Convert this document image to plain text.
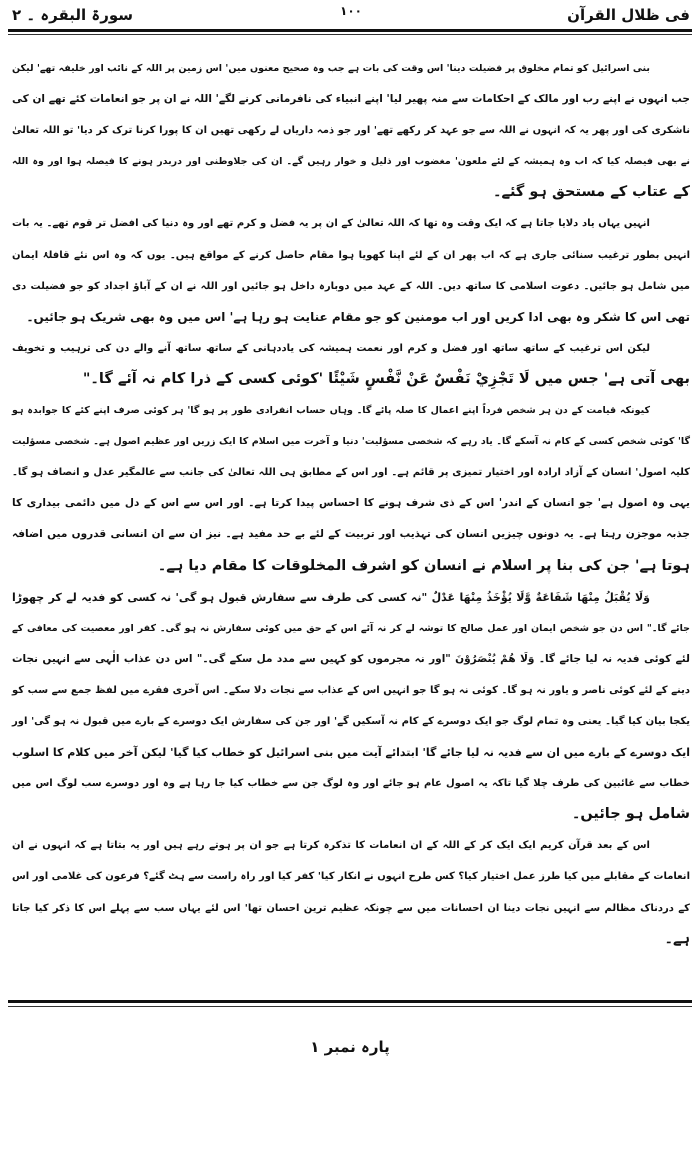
فی ظلال القرآن
۱۰۰
سورۃ البقرہ ۔ ۲
بنی اسرائیل کو تمام مخلوق پر فضیلت دینا' اس وقت کی بات ہے جب وہ صحیح معنوں میں' اس زمین پر اللہ کے نائب اور خلیفہ تھے' لیکن
جب انہوں نے اپنے رب اور مالک کے احکامات سے منہ پھیر لیا' اپنے انبیاء کی نافرمانی کرنے لگے' اللہ نے ان پر جو انعامات کئے تھے ان کی
ناشکری کی اور پھر یہ کہ انہوں نے اللہ سے جو عہد کر رکھے تھے' اور جو ذمہ داریاں لے رکھی تھیں ان کا پورا کرنا ترک کر دیا' تو اللہ تعالیٰ
نے بھی فیصلہ کیا کہ اب وہ ہمیشہ کے لئے ملعون' مغضوب اور ذلیل و خوار رہیں گے۔ ان کی جلاوطنی اور دربدر ہونے کا فیصلہ ہوا اور وہ اللہ
کے عتاب کے مستحق ہو گئے۔
انہیں یہاں یاد دلایا جاتا ہے کہ ایک وقت وہ تھا کہ اللہ تعالیٰ کے ان پر یہ فضل و کرم تھے اور وہ دنیا کی افضل تر قوم تھے۔ یہ بات
انہیں بطور ترغیب سنائی جاری ہے کہ اب پھر ان کے لئے اپنا کھویا ہوا مقام حاصل کرنے کے مواقع ہیں۔ یوں کہ وہ اس نئے قافلۂ ایمان
میں شامل ہو جائیں۔ دعوت اسلامی کا ساتھ دیں۔ اللہ کے عہد میں دوبارہ داخل ہو جائیں اور اللہ نے ان کے آباؤ اجداد کو جو فضیلت دی
تھی اس کا شکر وہ بھی ادا کریں اور اب مومنین کو جو مقام عنایت ہو رہا ہے' اس میں وہ بھی شریک ہو جائیں۔
لیکن اس ترغیب کے ساتھ ساتھ اور فضل و کرم اور نعمت ہمیشہ کی یاددہانی کے ساتھ ساتھ آنے والے دن کی ترہیب و تخویف
بھی آتی ہے' جس میں لَا تَجْزِيْ نَفْسٌ عَنْ نَّفْسٍ شَيْئًا 'کوئی کسی کے ذرا کام نہ آئے گا۔"
کیونکہ قیامت کے دن ہر شخص فرداً اپنے اعمال کا صلہ پائے گا۔ وہاں حساب انفرادی طور پر ہو گا' ہر کوئی صرف اپنے کئے کا جوابدہ ہو
گا' کوئی شخص کسی کے کام نہ آسکے گا۔ یاد رہے کہ شخصی مسؤلیت' دنیا و آخرت میں اسلام کا ایک زریں اور عظیم اصول ہے۔ شخصی مسؤلیت
کلیہ اصول' انسان کے آزاد ارادہ اور اختیار تمیزی پر قائم ہے۔ اور اس کے مطابق ہی اللہ تعالیٰ کی جانب سے عالمگیر عدل و انصاف ہو گا۔
یہی وہ اصول ہے' جو انسان کے اندر' اس کے ذی شرف ہونے کا احساس پیدا کرتا ہے۔ اور اس سے اس کے دل میں دائمی بیداری کا
جذبہ موجزن رہتا ہے۔ یہ دونوں چیزیں انسان کی تہذیب اور تربیت کے لئے بے حد مفید ہے۔ نیز ان سے ان انسانی قدروں میں اضافہ
ہوتا ہے' جن کی بنا پر اسلام نے انسان کو اشرف المخلوقات کا مقام دیا ہے۔
وَلَا يُقْبَلُ مِنْهَا شَفَاعَةٌ وَّلَا يُؤْخَذُ مِنْهَا عَدْلٌ "نہ کسی کی طرف سے سفارش قبول ہو گی' نہ کسی کو فدیہ لے کر چھوڑا
جائے گا۔" اس دن جو شخص ایمان اور عمل صالح کا توشہ لے کر نہ آئے اس کے حق میں کوئی سفارش نہ ہو گی۔ کفر اور معصیت کی معافی کے
لئے کوئی فدیہ نہ لیا جائے گا۔ وَلَا هُمْ يُنْصَرُوْنَ "اور نہ مجرموں کو کہیں سے مدد مل سکے گی۔" اس دن عذاب الٰہی سے انہیں نجات
دینے کے لئے کوئی ناصر و یاور نہ ہو گا۔ کوئی نہ ہو گا جو انہیں اس کے عذاب سے نجات دلا سکے۔ اس آخری فقرے میں لفظ جمع سے سب کو
یکجا بیان کیا گیا۔ یعنی وہ تمام لوگ جو ایک دوسرے کے کام نہ آسکیں گے' اور جن کی سفارش ایک دوسرے کے بارے میں قبول نہ ہو گی' اور
ایک دوسرے کے بارے میں ان سے فدیہ نہ لیا جائے گا' ابتدائے آیت میں بنی اسرائیل کو خطاب کیا گیا' لیکن آخر میں کلام کا اسلوب
خطاب سے غائبین کی طرف چلا گیا تاکہ یہ اصول عام ہو جائے اور وہ لوگ جن سے خطاب کیا جا رہا ہے وہ اور دوسرے سب لوگ اس میں
شامل ہو جائیں۔
اس کے بعد قرآن کریم ایک ایک کر کے اللہ کے ان انعامات کا تذکرہ کرتا ہے جو ان پر ہوتے رہے ہیں اور یہ بتاتا ہے کہ انہوں نے ان
انعامات کے مقابلے میں کیا طرز عمل اختیار کیا؟ کس طرح انہوں نے انکار کیا' کفر کیا اور راہ راست سے ہٹ گئے؟ فرعون کی غلامی اور اس
کے دردناک مظالم سے انہیں نجات دینا ان احسانات میں سے چونکہ عظیم ترین احسان تھا' اس لئے یہاں سب سے پہلے اس کا ذکر کیا جاتا
ہے۔
پارہ نمبر ۱
